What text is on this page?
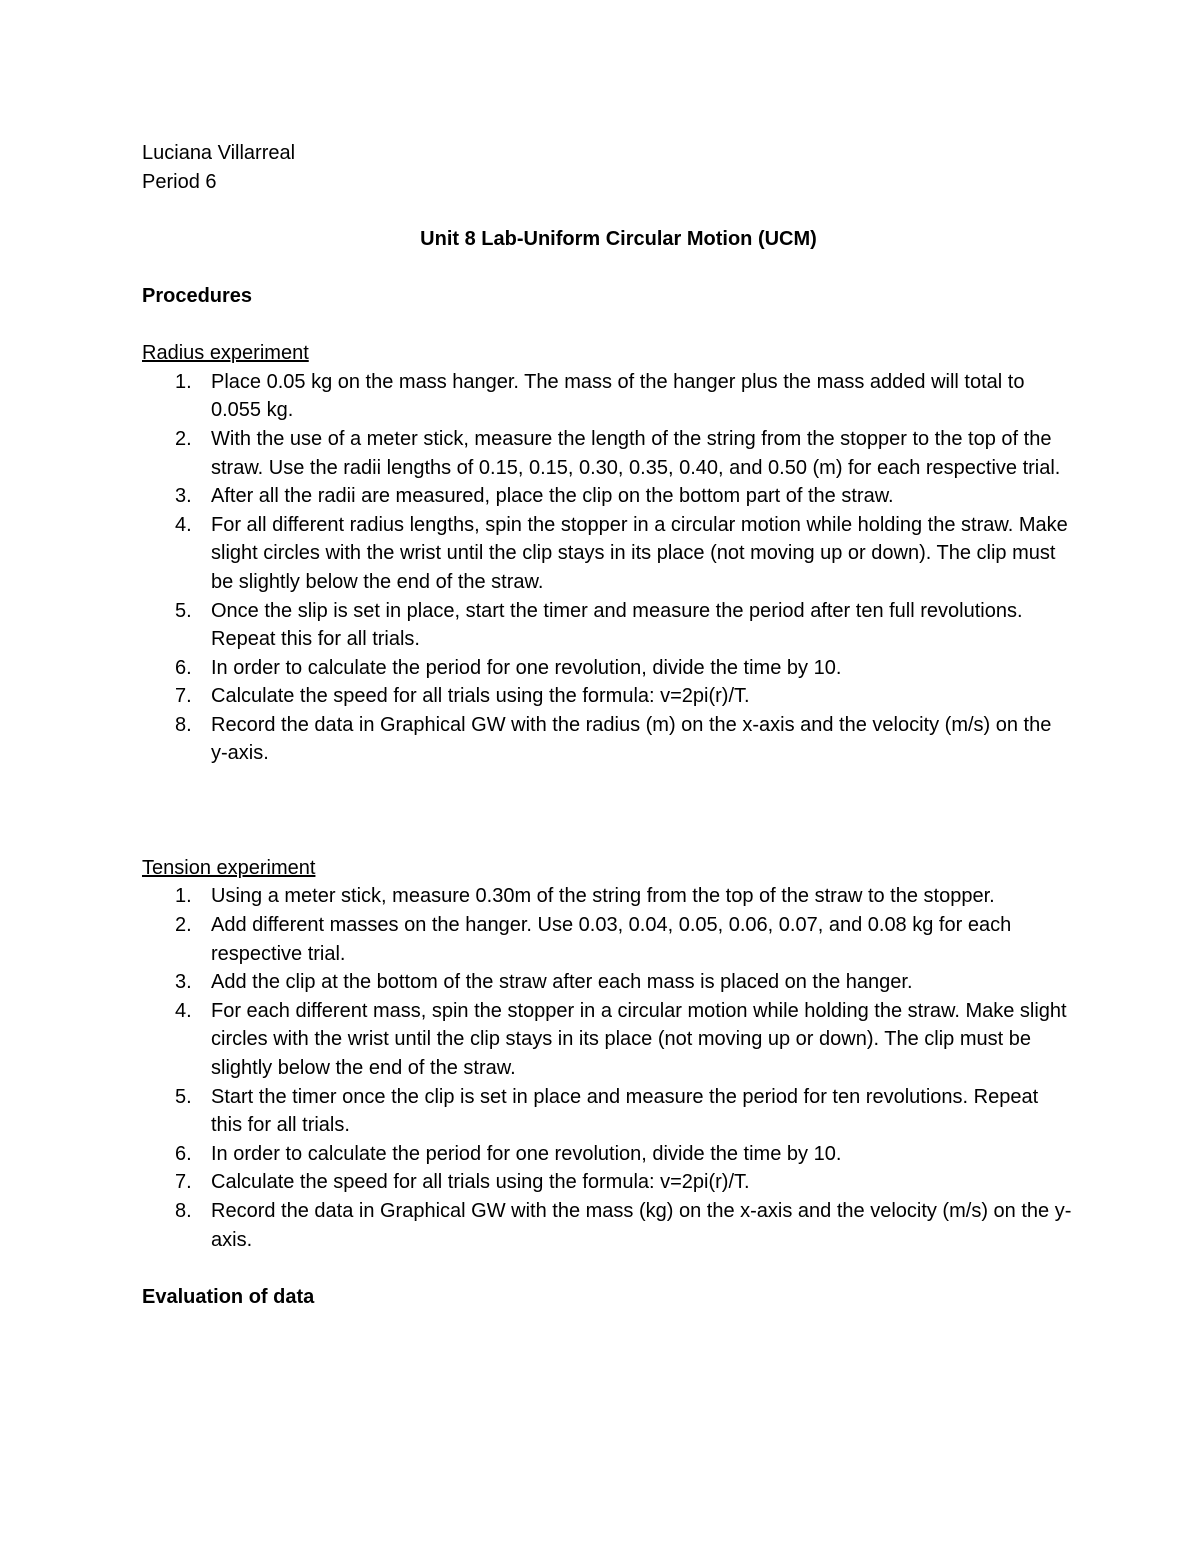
Luciana Villarreal

Period 6

Unit 8 Lab-Uniform Circular Motion (UCM)

Procedures

Radius experiment

1. Place 0.05 kg on the mass hanger. The mass of the hanger plus the mass added will total to 0.055 kg.
2. With the use of a meter stick, measure the length of the string from the stopper to the top of the straw. Use the radii lengths of 0.15, 0.15, 0.30, 0.35, 0.40, and 0.50 (m) for each respective trial.
3. After all the radii are measured, place the clip on the bottom part of the straw.
4. For all different radius lengths, spin the stopper in a circular motion while holding the straw. Make slight circles with the wrist until the clip stays in its place (not moving up or down). The clip must be slightly below the end of the straw.
5. Once the slip is set in place, start the timer and measure the period after ten full revolutions. Repeat this for all trials.
6. In order to calculate the period for one revolution, divide the time by 10.
7. Calculate the speed for all trials using the formula: v=2pi(r)/T.
8. Record the data in Graphical GW with the radius (m) on the x-axis and the velocity (m/s) on the y-axis.

Tension experiment

1. Using a meter stick, measure 0.30m of the string from the top of the straw to the stopper.
2. Add different masses on the hanger. Use 0.03, 0.04, 0.05, 0.06, 0.07, and 0.08 kg for each respective trial.
3. Add the clip at the bottom of the straw after each mass is placed on the hanger.
4. For each different mass, spin the stopper in a circular motion while holding the straw. Make slight circles with the wrist until the clip stays in its place (not moving up or down). The clip must be slightly below the end of the straw.
5. Start the timer once the clip is set in place and measure the period for ten revolutions. Repeat this for all trials.
6. In order to calculate the period for one revolution, divide the time by 10.
7. Calculate the speed for all trials using the formula: v=2pi(r)/T.
8. Record the data in Graphical GW with the mass (kg) on the x-axis and the velocity (m/s) on the y-axis.

Evaluation of data
